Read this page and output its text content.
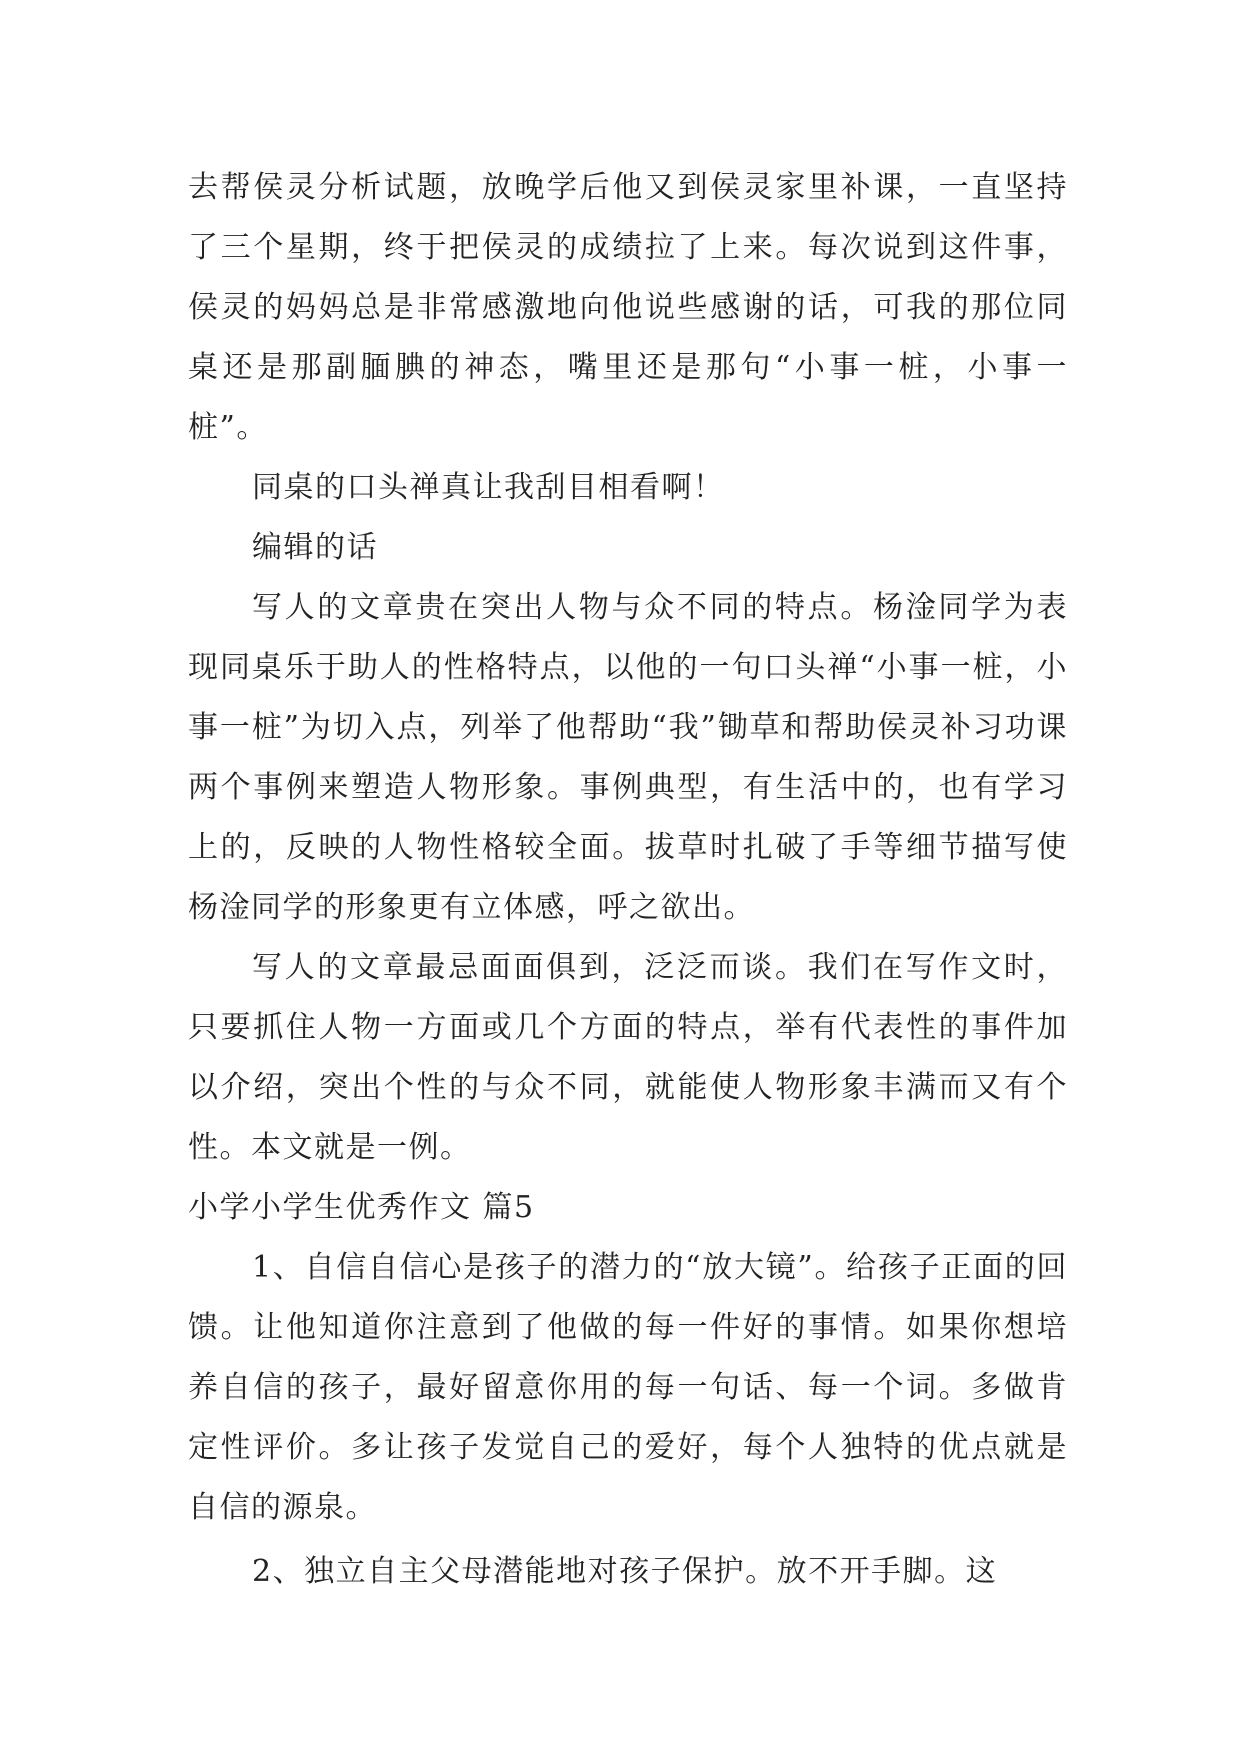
去帮侯灵分析试题，放晚学后他又到侯灵家里补课，一直坚持了三个星期，终于把侯灵的成绩拉了上来。每次说到这件事，侯灵的妈妈总是非常感激地向他说些感谢的话，可我的那位同桌还是那副腼腆的神态，嘴里还是那句“小事一桩，小事一桩”。

同桌的口头禅真让我刮目相看啊！

编辑的话

写人的文章贵在突出人物与众不同的特点。杨淦同学为表现同桌乐于助人的性格特点，以他的一句口头禅“小事一桩，小事一桩”为切入点，列举了他帮助“我”锄草和帮助侯灵补习功课两个事例来塑造人物形象。事例典型，有生活中的，也有学习上的，反映的人物性格较全面。拔草时扎破了手等细节描写使杨淦同学的形象更有立体感，呼之欲出。

写人的文章最忌面面俱到，泛泛而谈。我们在写作文时，只要抓住人物一方面或几个方面的特点，举有代表性的事件加以介绍，突出个性的与众不同，就能使人物形象丰满而又有个性。本文就是一例。

小学小学生优秀作文 篇5

1、自信自信心是孩子的潜力的“放大镜”。给孩子正面的回馈。让他知道你注意到了他做的每一件好的事情。如果你想培养自信的孩子，最好留意你用的每一句话、每一个词。多做肯定性评价。多让孩子发觉自己的爱好，每个人独特的优点就是自信的源泉。

2、独立自主父母潜能地对孩子保护。放不开手脚。这
